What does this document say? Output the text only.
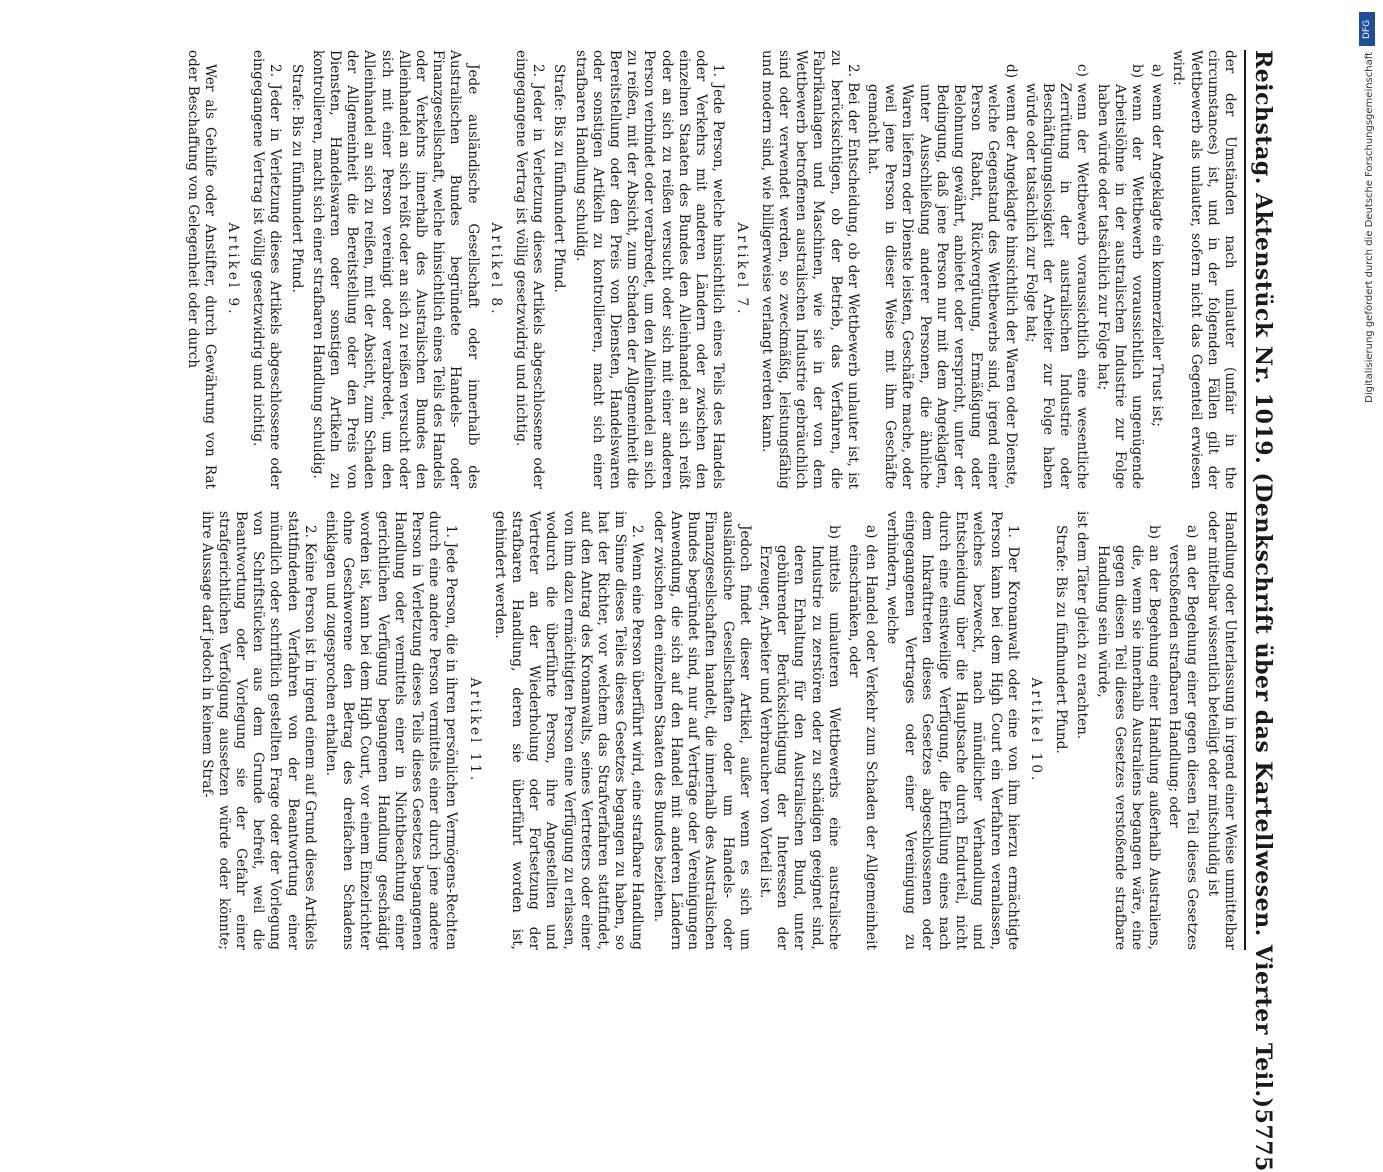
Reichstag. Aktenstück Nr. 1019. (Denkschrift über das Kartellwesen. Vierter Teil.)
5775

der der Umständen nach unlauter (unfair in the circumstances) ist, und in der folgenden Fällen gilt der Wettbewerb als unlauter, sofern nicht das Gegenteil erwiesen wird:

a)
wenn der Angeklagte ein kommerzieller Trust ist;
b)
wenn der Wettbewerb voraussichtlich ungenügende Arbeitslöhne in der australischen Industrie zur Folge haben würde oder tatsächlich zur Folge hat;
c)
wenn der Wettbewerb voraussichtlich eine wesentliche Zerrüttung in der australischen Industrie oder Beschäftigungslosigkeit der Arbeiter zur Folge haben würde oder tatsächlich zur Folge hat;
d)
wenn der Angeklagte hinsichtlich der Waren oder Dienste, welche Gegenstand des Wettbewerbs sind, irgend einer Person Rabatt, Rückvergütung, Ermäßigung oder Belohnung gewährt, anbietet oder verspricht, unter der Bedingung, daß jene Person nur mit dem Angeklagten, unter Ausschließung anderer Personen, die ähnliche Waren liefern oder Dienste leisten, Geschäfte mache, oder weil jene Person in dieser Weise mit ihm Geschäfte gemacht hat.

2. Bei der Entscheidung, ob der Wettbewerb unlauter ist, ist zu berücksichtigen, ob der Betrieb, das Verfahren, die Fabrikanlagen und Maschinen, wie sie in der von dem Wettbewerb betroffenen australischen Industrie gebräuchlich sind oder verwendet werden, so zweckmäßig, leistungsfähig und modern sind, wie billigerweise verlangt werden kann.

Artikel 7.

1. Jede Person, welche hinsichtlich eines Teils des Handels oder Verkehrs mit anderen Ländern oder zwischen den einzelnen Staaten des Bundes den Alleinhandel an sich reißt oder an sich zu reißen versucht oder sich mit einer anderen Person verbindet oder verabredet, um den Alleinhandel an sich zu reißen, mit der Absicht, zum Schaden der Allgemeinheit die Bereitstellung oder den Preis von Diensten, Handelswaren oder sonstigen Artikeln zu kontrollieren, macht sich einer strafbaren Handlung schuldig.

Strafe: Bis zu fünfhundert Pfund.

2. Jeder in Verletzung dieses Artikels abgeschlossene oder eingegangene Vertrag ist völlig gesetzwidrig und nichtig.

Artikel 8.

Jede ausländische Gesellschaft oder innerhalb des Australischen Bundes begründete Handels- oder Finanzgesellschaft, welche hinsichtlich eines Teils des Handels oder Verkehrs innerhalb des Australischen Bundes den Alleinhandel an sich reißt oder an sich zu reißen versucht oder sich mit einer Person vereinigt oder verabredet, um den Alleinhandel an sich zu reißen, mit der Absicht, zum Schaden der Allgemeinheit die Bereitstellung oder den Preis von Diensten, Handelswaren oder sonstigen Artikeln zu kontrollieren, macht sich einer strafbaren Handlung schuldig.

Strafe: Bis zu fünfhundert Pfund.

2. Jeder in Verletzung dieses Artikels abgeschlossene oder eingegangene Vertrag ist völlig gesetzwidrig und nichtig.

Artikel 9.

Wer als Gehilfe oder Anstifter, durch Gewährung von Rat oder Beschaffung von Gelegenheit oder durch

Handlung oder Unterlassung in irgend einer Weise unmittelbar oder mittelbar wissentlich beteiligt oder mitschuldig ist

a)
an der Begehung einer gegen diesen Teil dieses Gesetzes verstoßenden strafbaren Handlung; oder
b)
an der Begehung einer Handlung außerhalb Australiens, die, wenn sie innerhalb Australiens begangen wäre, eine gegen diesen Teil dieses Gesetzes verstoßende strafbare Handlung sein würde,

ist dem Täter gleich zu erachten.

Strafe: Bis zu fünfhundert Pfund.

Artikel 10.

1. Der Kronanwalt oder eine von ihm hierzu ermächtigte Person kann bei dem High Court ein Verfahren veranlassen, welches bezweckt, nach mündlicher Verhandlung und Entscheidung über die Hauptsache durch Endurteil, nicht durch eine einstweilige Verfügung, die Erfüllung eines nach dem Inkrafttreten dieses Gesetzes abgeschlossenen oder eingegangenen Vertrages oder einer Vereinigung zu verhindern, welche

a)
den Handel oder Verkehr zum Schaden der Allgemeinheit einschränken, oder
b)
mittels unlauteren Wettbewerbs eine australische Industrie zu zerstören oder zu schädigen geeignet sind, deren Erhaltung für den Australischen Bund, unter gebührender Berücksichtigung der Interessen der Erzeuger, Arbeiter und Verbraucher von Vorteil ist.

Jedoch findet dieser Artikel, außer wenn es sich um ausländische Gesellschaften oder um Handels- oder Finanzgesellschaften handelt, die innerhalb des Australischen Bundes begründet sind, nur auf Verträge oder Vereinigungen Anwendung, die sich auf den Handel mit anderen Ländern oder zwischen den einzelnen Staaten des Bundes beziehen.

2. Wenn eine Person überführt wird, eine strafbare Handlung im Sinne dieses Teiles dieses Gesetzes begangen zu haben, so hat der Richter, vor welchem das Strafverfahren stattfindet, auf den Antrag des Kronanwalts, seines Vertreters oder einer von ihm dazu ermächtigten Person eine Verfügung zu erlassen, wodurch die überführte Person, ihre Angestellten und Vertreter an der Wiederholung oder Fortsetzung der strafbaren Handlung, deren sie überführt worden ist, gehindert werden.

Artikel 11.

1. Jede Person, die in ihren persönlichen Vermögens-Rechten durch eine andere Person vermittels einer durch jene andere Person in Verletzung dieses Teils dieses Gesetzes begangenen Handlung oder vermittels einer in Nichtbeachtung einer gerichtlichen Verfügung begangenen Handlung geschädigt worden ist, kann bei dem High Court, vor einem Einzelrichter ohne Geschworene den Betrag des dreifachen Schadens einklagen und zugesprochen erhalten.

2. Keine Person ist in irgend einem auf Grund dieses Artikels stattfindenden Verfahren von der Beantwortung einer mündlich oder schriftlich gestellten Frage oder der Vorlegung von Schriftstücken aus dem Grunde befreit, weil die Beantwortung oder Vorlegung sie der Gefahr einer strafgerichtlichen Verfolgung aussetzen würde oder könnte; ihre Aussage darf jedoch in keinem Straf-

DFG
Digitalisierung gefördert durch die Deutsche Forschungsgemeinschaft
